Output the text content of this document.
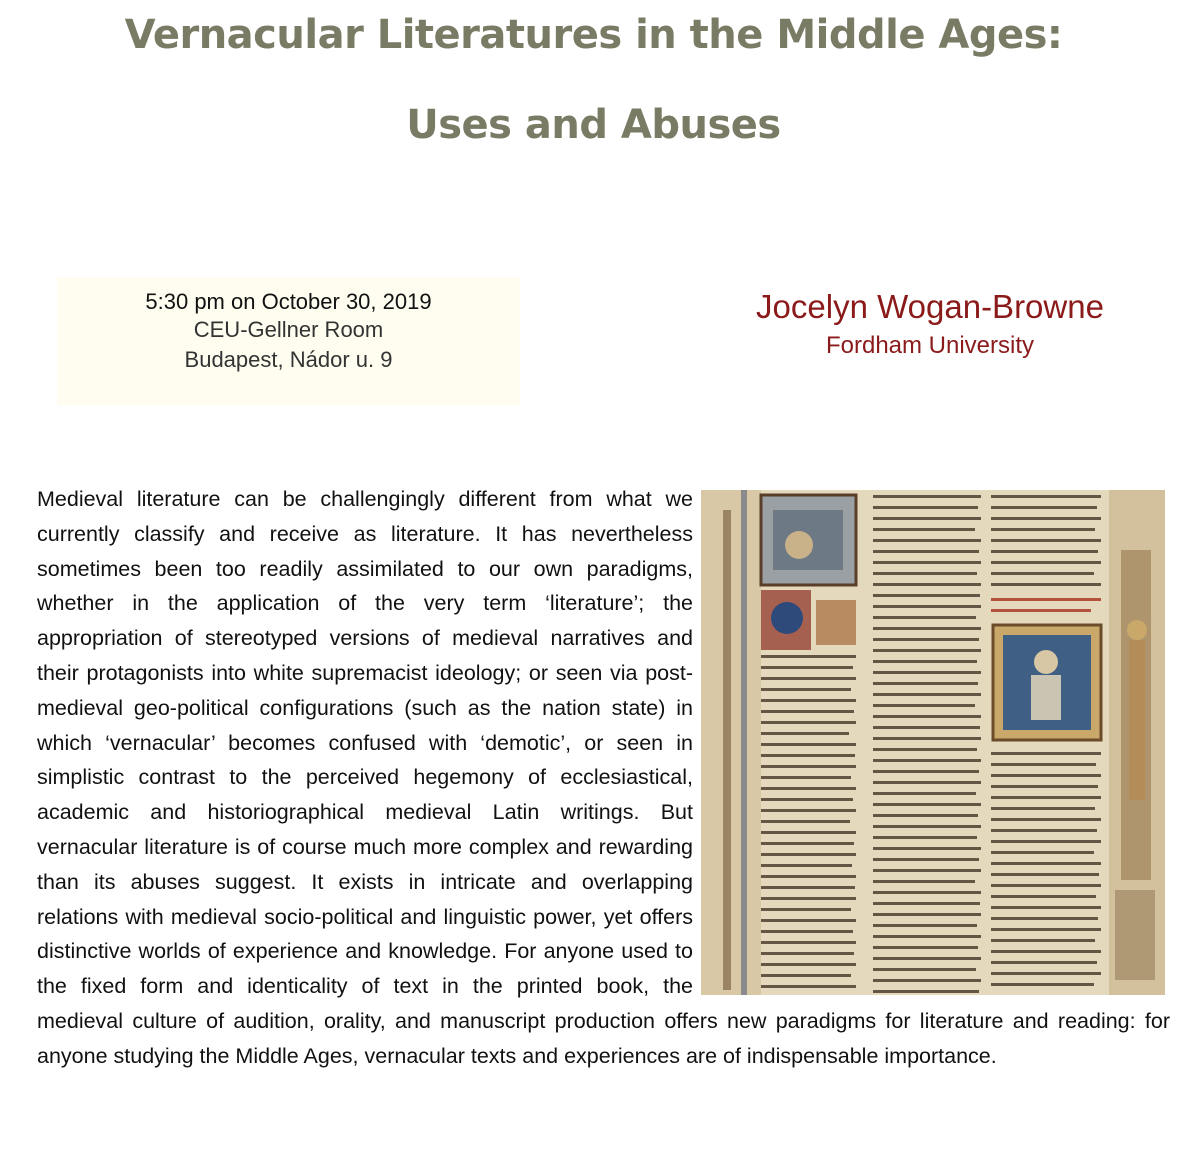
Vernacular Literatures in the Middle Ages:
Uses and Abuses
5:30 pm on October 30, 2019
CEU-Gellner Room
Budapest, Nádor u. 9
Jocelyn Wogan-Browne
Fordham University
Medieval literature can be challengingly different from what we currently classify and receive as literature. It has nevertheless sometimes been too readily assimilated to our own paradigms, whether in the application of the very term ‘literature’; the appropriation of stereotyped versions of medieval narratives and their protagonists into white supremacist ideology; or seen via post-medieval geo-political configurations (such as the nation state) in which ‘vernacular’ becomes confused with ‘demotic’, or seen in simplistic contrast to the perceived hegemony of ecclesiastical, academic and historiographical medieval Latin writings. But vernacular literature is of course much more complex and rewarding than its abuses suggest. It exists in intricate and overlapping relations with medieval socio-political and linguistic power, yet offers distinctive worlds of experience and knowledge. For anyone used to the fixed form and identicality of text in the printed book, the medieval culture of audition, orality, and manuscript production offers new paradigms for literature and reading: for anyone studying the Middle Ages, vernacular texts and experiences are of indispensable importance.
